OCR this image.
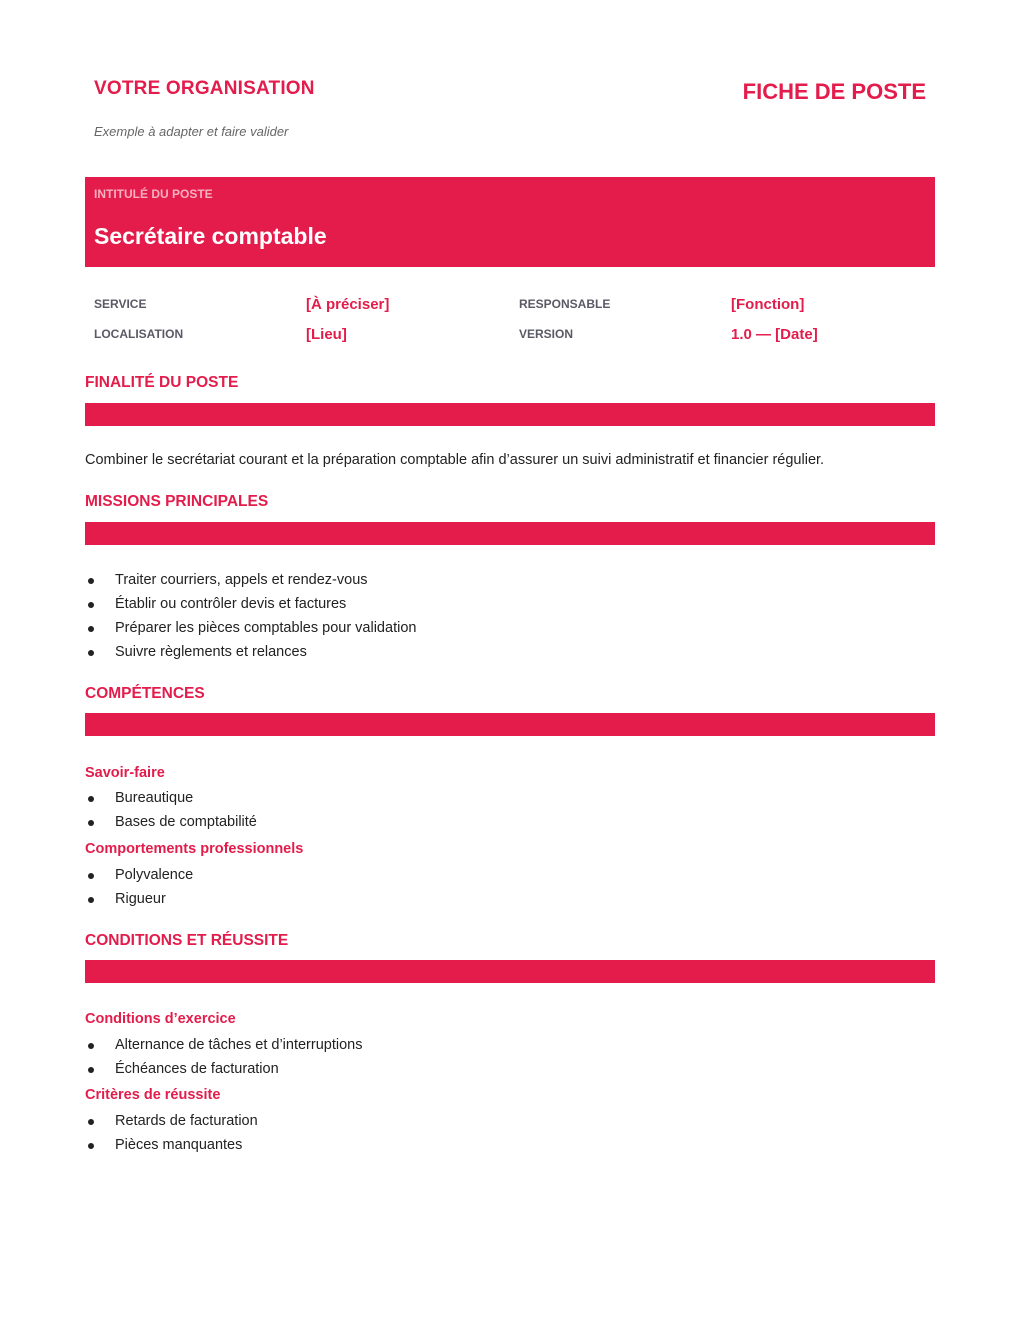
VOTRE ORGANISATION	FICHE DE POSTE
Exemple à adapter et faire valider
INTITULÉ DU POSTE
Secrétaire comptable
SERVICE	[À préciser]	RESPONSABLE	[Fonction]
LOCALISATION	[Lieu]	VERSION	1.0 — [Date]
FINALITÉ DU POSTE
Combiner le secrétariat courant et la préparation comptable afin d’assurer un suivi administratif et financier régulier.
MISSIONS PRINCIPALES
Traiter courriers, appels et rendez-vous
Établir ou contrôler devis et factures
Préparer les pièces comptables pour validation
Suivre règlements et relances
COMPÉTENCES
Savoir-faire
Bureautique
Bases de comptabilité
Comportements professionnels
Polyvalence
Rigueur
CONDITIONS ET RÉUSSITE
Conditions d’exercice
Alternance de tâches et d’interruptions
Échéances de facturation
Critères de réussite
Retards de facturation
Pièces manquantes
